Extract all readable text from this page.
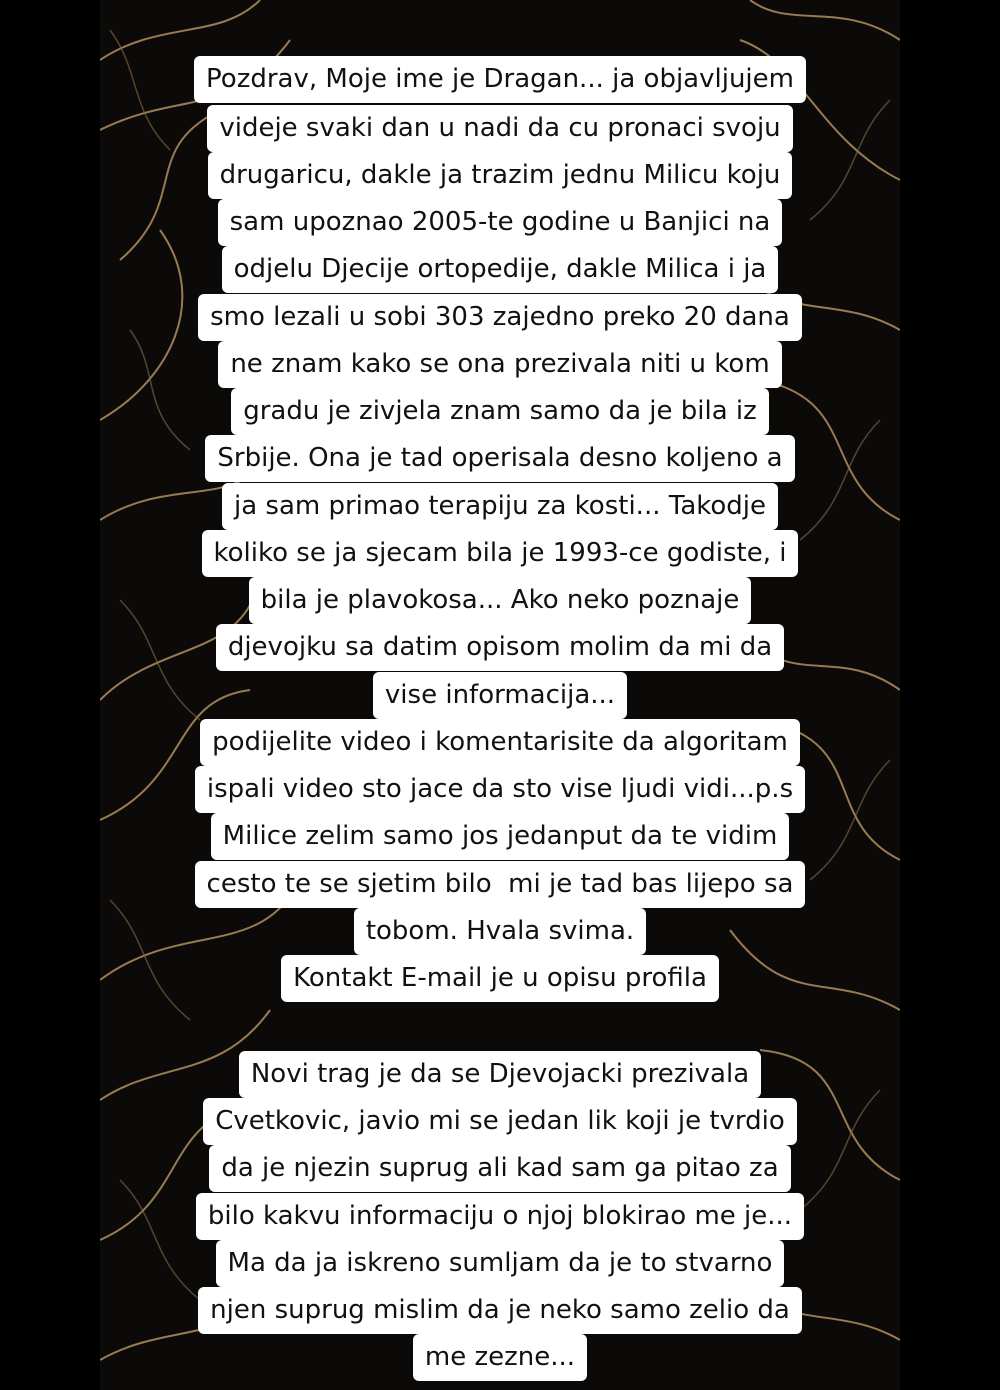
Pozdrav, Moje ime je Dragan... ja objavljujem
videje svaki dan u nadi da cu pronaci svoju
drugaricu, dakle ja trazim jednu Milicu koju
sam upoznao 2005-te godine u Banjici na
odjelu Djecije ortopedije, dakle Milica i ja
smo lezali u sobi 303 zajedno preko 20 dana
ne znam kako se ona prezivala niti u kom
gradu je zivjela znam samo da je bila iz
Srbije. Ona je tad operisala desno koljeno a
ja sam primao terapiju za kosti... Takodje
koliko se ja sjecam bila je 1993-ce godiste, i
bila je plavokosa... Ako neko poznaje
djevojku sa datim opisom molim da mi da
vise informacija...
podijelite video i komentarisite da algoritam
ispali video sto jace da sto vise ljudi vidi...p.s
Milice zelim samo jos jedanput da te vidim
cesto te se sjetim bilo  mi je tad bas lijepo sa
tobom. Hvala svima.
Kontakt E-mail je u opisu profila
Novi trag je da se Djevojacki prezivala
Cvetkovic, javio mi se jedan lik koji je tvrdio
da je njezin suprug ali kad sam ga pitao za
bilo kakvu informaciju o njoj blokirao me je...
Ma da ja iskreno sumljam da je to stvarno
njen suprug mislim da je neko samo zelio da
me zezne...
